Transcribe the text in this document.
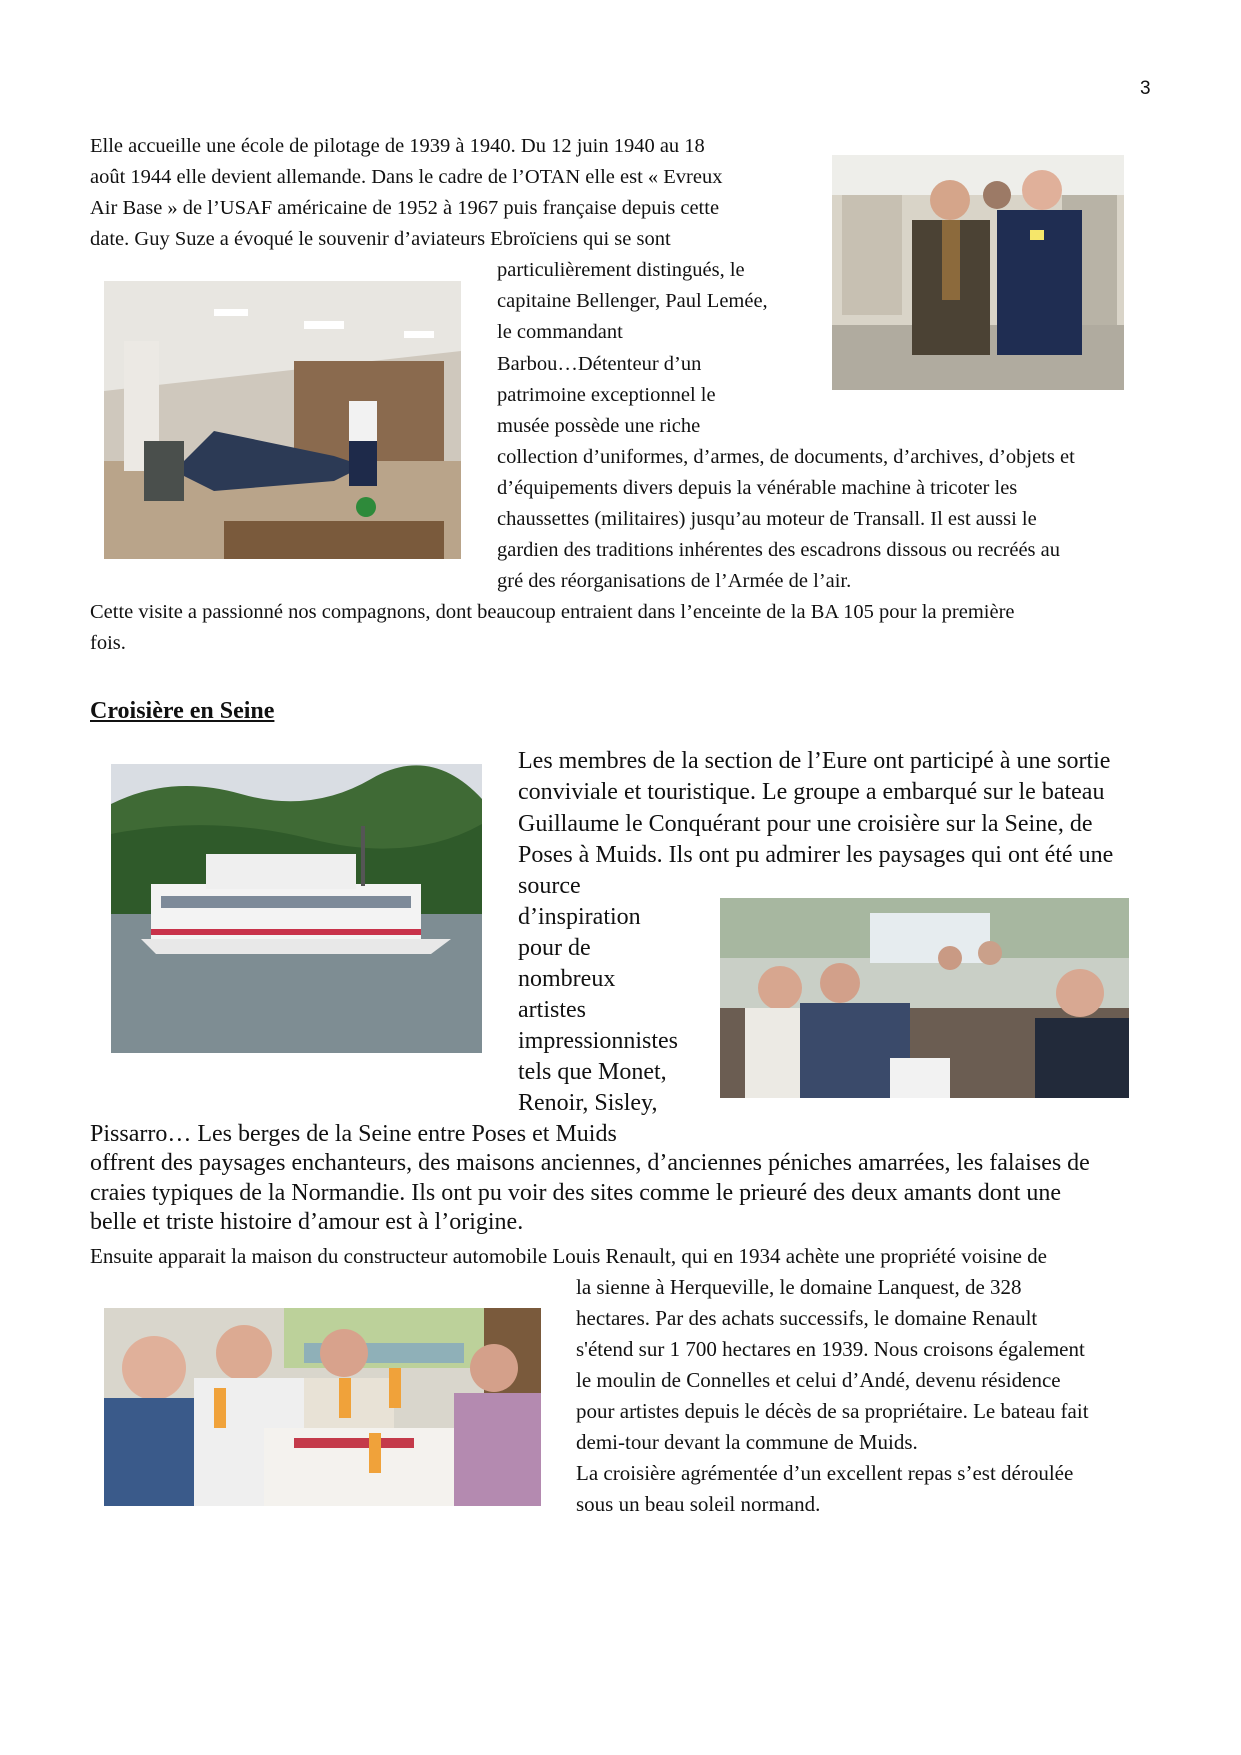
3
Elle accueille une école de pilotage de 1939 à 1940. Du 12 juin 1940 au 18
août 1944 elle devient allemande. Dans le cadre de l’OTAN elle est « Evreux
Air Base » de l’USAF américaine de 1952 à 1967 puis française depuis cette
date. Guy Suze a évoqué le souvenir d’aviateurs Ebroïciens qui se sont
particulièrement distingués, le
capitaine Bellenger, Paul Lemée,
le commandant
Barbou…Détenteur d’un
patrimoine exceptionnel le
musée possède une riche
collection d’uniformes, d’armes, de documents, d’archives, d’objets et
d’équipements divers depuis la vénérable machine à tricoter les
chaussettes (militaires) jusqu’au moteur de Transall. Il est aussi le
gardien des traditions inhérentes des escadrons dissous ou recréés au
gré des réorganisations de l’Armée de l’air.
Cette visite a passionné nos compagnons, dont beaucoup entraient dans l’enceinte de la BA 105 pour la première
fois.
Croisière en Seine
Les membres de la section de l’Eure ont participé à une sortie
conviviale et touristique. Le groupe a embarqué sur le bateau
Guillaume le Conquérant pour une croisière sur la Seine, de
Poses à Muids. Ils ont pu admirer les paysages qui ont été une
source
d’inspiration
pour de
nombreux
artistes
impressionnistes
tels que Monet,
Renoir, Sisley,
Pissarro… Les berges de la Seine entre Poses et Muids
offrent des paysages enchanteurs, des maisons anciennes, d’anciennes péniches amarrées, les falaises de
craies typiques de la Normandie. Ils ont pu voir des sites comme le prieuré des deux amants dont une
belle et triste histoire d’amour est à l’origine.
Ensuite apparait la maison du constructeur automobile Louis Renault, qui en 1934 achète une propriété voisine de
la sienne à Herqueville, le domaine Lanquest, de 328
hectares. Par des achats successifs, le domaine Renault
s'étend sur 1 700 hectares en 1939. Nous croisons également
le moulin de Connelles et celui d’Andé, devenu résidence
pour artistes depuis le décès de sa propriétaire. Le bateau fait
demi-tour devant la commune de Muids.
La croisière agrémentée d’un excellent repas s’est déroulée
sous un beau soleil normand.
